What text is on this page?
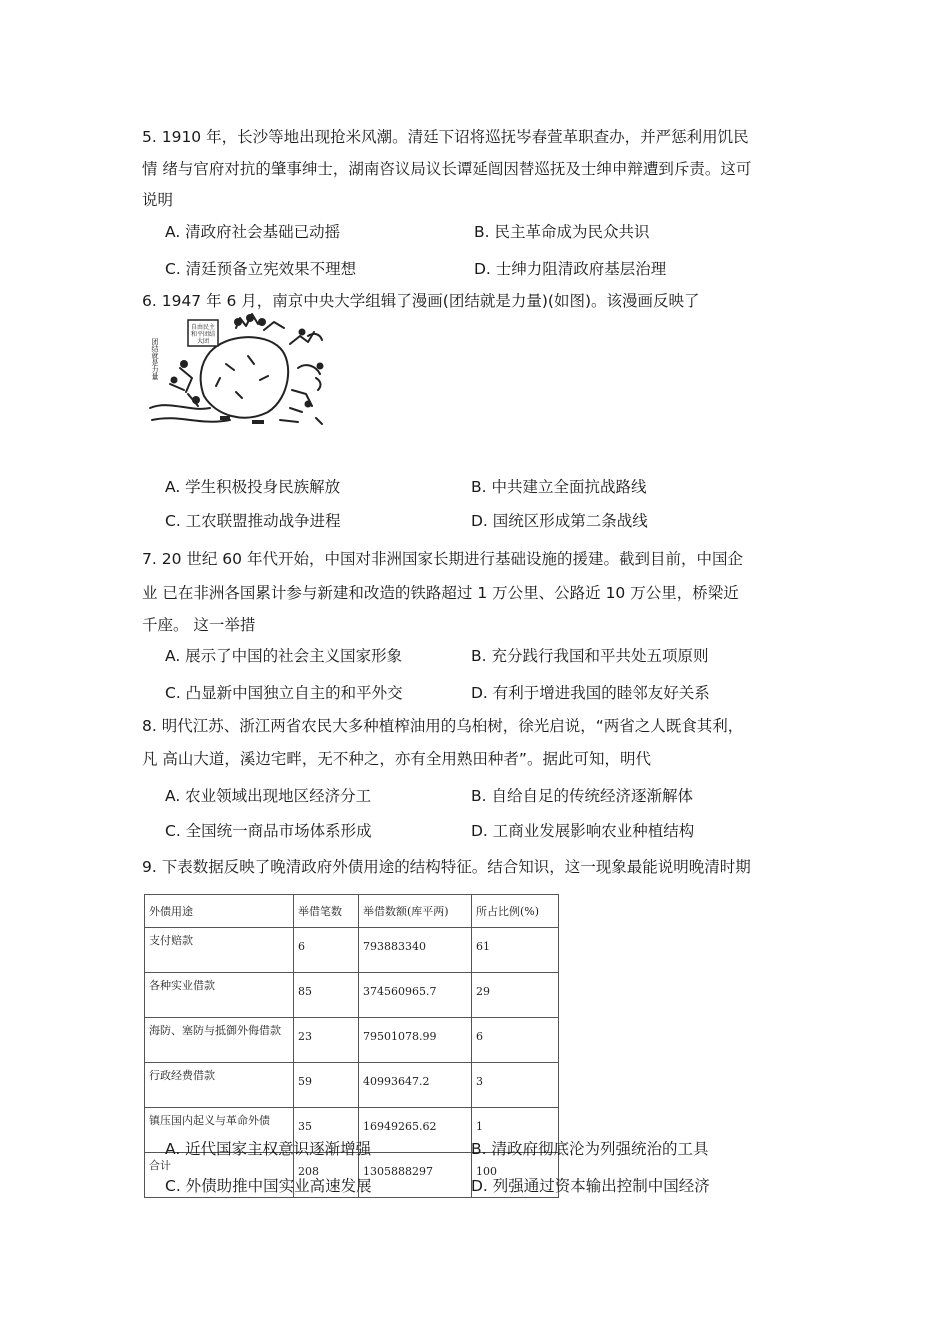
5. 1910 年，长沙等地出现抢米风潮。清廷下诏将巡抚岑春萱革职查办，并严惩利用饥民
情 绪与官府对抗的肇事绅士，湖南咨议局议长谭延闿因替巡抚及士绅申辩遭到斥责。这可
说明
A. 清政府社会基础已动摇	B. 民主革命成为民众共识
C. 清廷预备立宪效果不理想	D. 士绅力阻清政府基层治理
6. 1947 年 6 月，南京中央大学组辑了漫画(团结就是力量)(如图)。该漫画反映了
自由民主
和平团结
大团
团结就是力量
A. 学生积极投身民族解放	B. 中共建立全面抗战路线
C. 工农联盟推动战争进程	D. 国统区形成第二条战线
7. 20 世纪 60 年代开始，中国对非洲国家长期进行基础设施的援建。截到目前，中国企
业 已在非洲各国累计参与新建和改造的铁路超过 1 万公里、公路近 10 万公里，桥梁近
千座。 这一举措
A. 展示了中国的社会主义国家形象	B. 充分践行我国和平共处五项原则
C. 凸显新中国独立自主的和平外交	D. 有利于增进我国的睦邻友好关系
8. 明代江苏、浙江两省农民大多种植榨油用的乌桕树，徐光启说，“两省之人既食其利，
凡 高山大道，溪边宅畔，无不种之，亦有全用熟田种者”。据此可知，明代
A. 农业领域出现地区经济分工	B. 自给自足的传统经济逐渐解体
C. 全国统一商品市场体系形成	D. 工商业发展影响农业种植结构
9. 下表数据反映了晚清政府外债用途的结构特征。结合知识，这一现象最能说明晚清时期
外债用途	举借笔数	举借数额(库平两)	所占比例(%)
支付赔款	6	793883340	61
各种实业借款	85	374560965.7	29
海防、塞防与抵御外侮借款	23	79501078.99	6
行政经费借款	59	40993647.2	3
镇压国内起义与革命外债	35	16949265.62	1
合计	208	1305888297	100
A. 近代国家主权意识逐渐增强	B. 清政府彻底沦为列强统治的工具
C. 外债助推中国实业高速发展	D. 列强通过资本输出控制中国经济
